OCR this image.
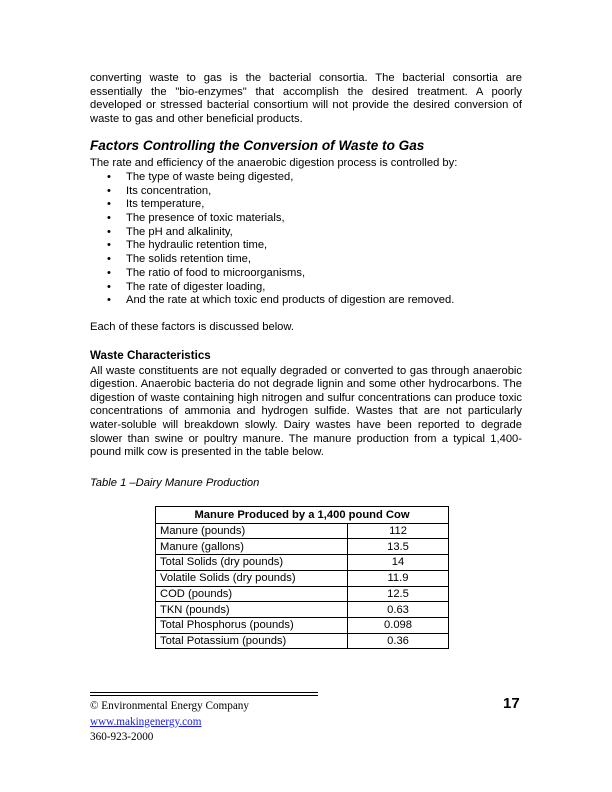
converting waste to gas is the bacterial consortia. The bacterial consortia are essentially the "bio-enzymes" that accomplish the desired treatment. A poorly developed or stressed bacterial consortium will not provide the desired conversion of waste to gas and other beneficial products.

Factors Controlling the Conversion of Waste to Gas

The rate and efficiency of the anaerobic digestion process is controlled by:

• The type of waste being digested,
• Its concentration,
• Its temperature,
• The presence of toxic materials,
• The pH and alkalinity,
• The hydraulic retention time,
• The solids retention time,
• The ratio of food to microorganisms,
• The rate of digester loading,
• And the rate at which toxic end products of digestion are removed.

Each of these factors is discussed below.

Waste Characteristics

All waste constituents are not equally degraded or converted to gas through anaerobic digestion. Anaerobic bacteria do not degrade lignin and some other hydrocarbons. The digestion of waste containing high nitrogen and sulfur concentrations can produce toxic concentrations of ammonia and hydrogen sulfide. Wastes that are not particularly water-soluble will breakdown slowly. Dairy wastes have been reported to degrade slower than swine or poultry manure. The manure production from a typical 1,400-pound milk cow is presented in the table below.

Table 1 –Dairy Manure Production

Manure Produced by a 1,400 pound Cow	
Manure (pounds)	112
Manure (gallons)	13.5
Total Solids (dry pounds)	14
Volatile Solids (dry pounds)	11.9
COD (pounds)	12.5
TKN (pounds)	0.63
Total Phosphorus (pounds)	0.098
Total Potassium (pounds)	0.36
© Environmental Energy Company
www.makingenergy.com
360-923-2000
17
